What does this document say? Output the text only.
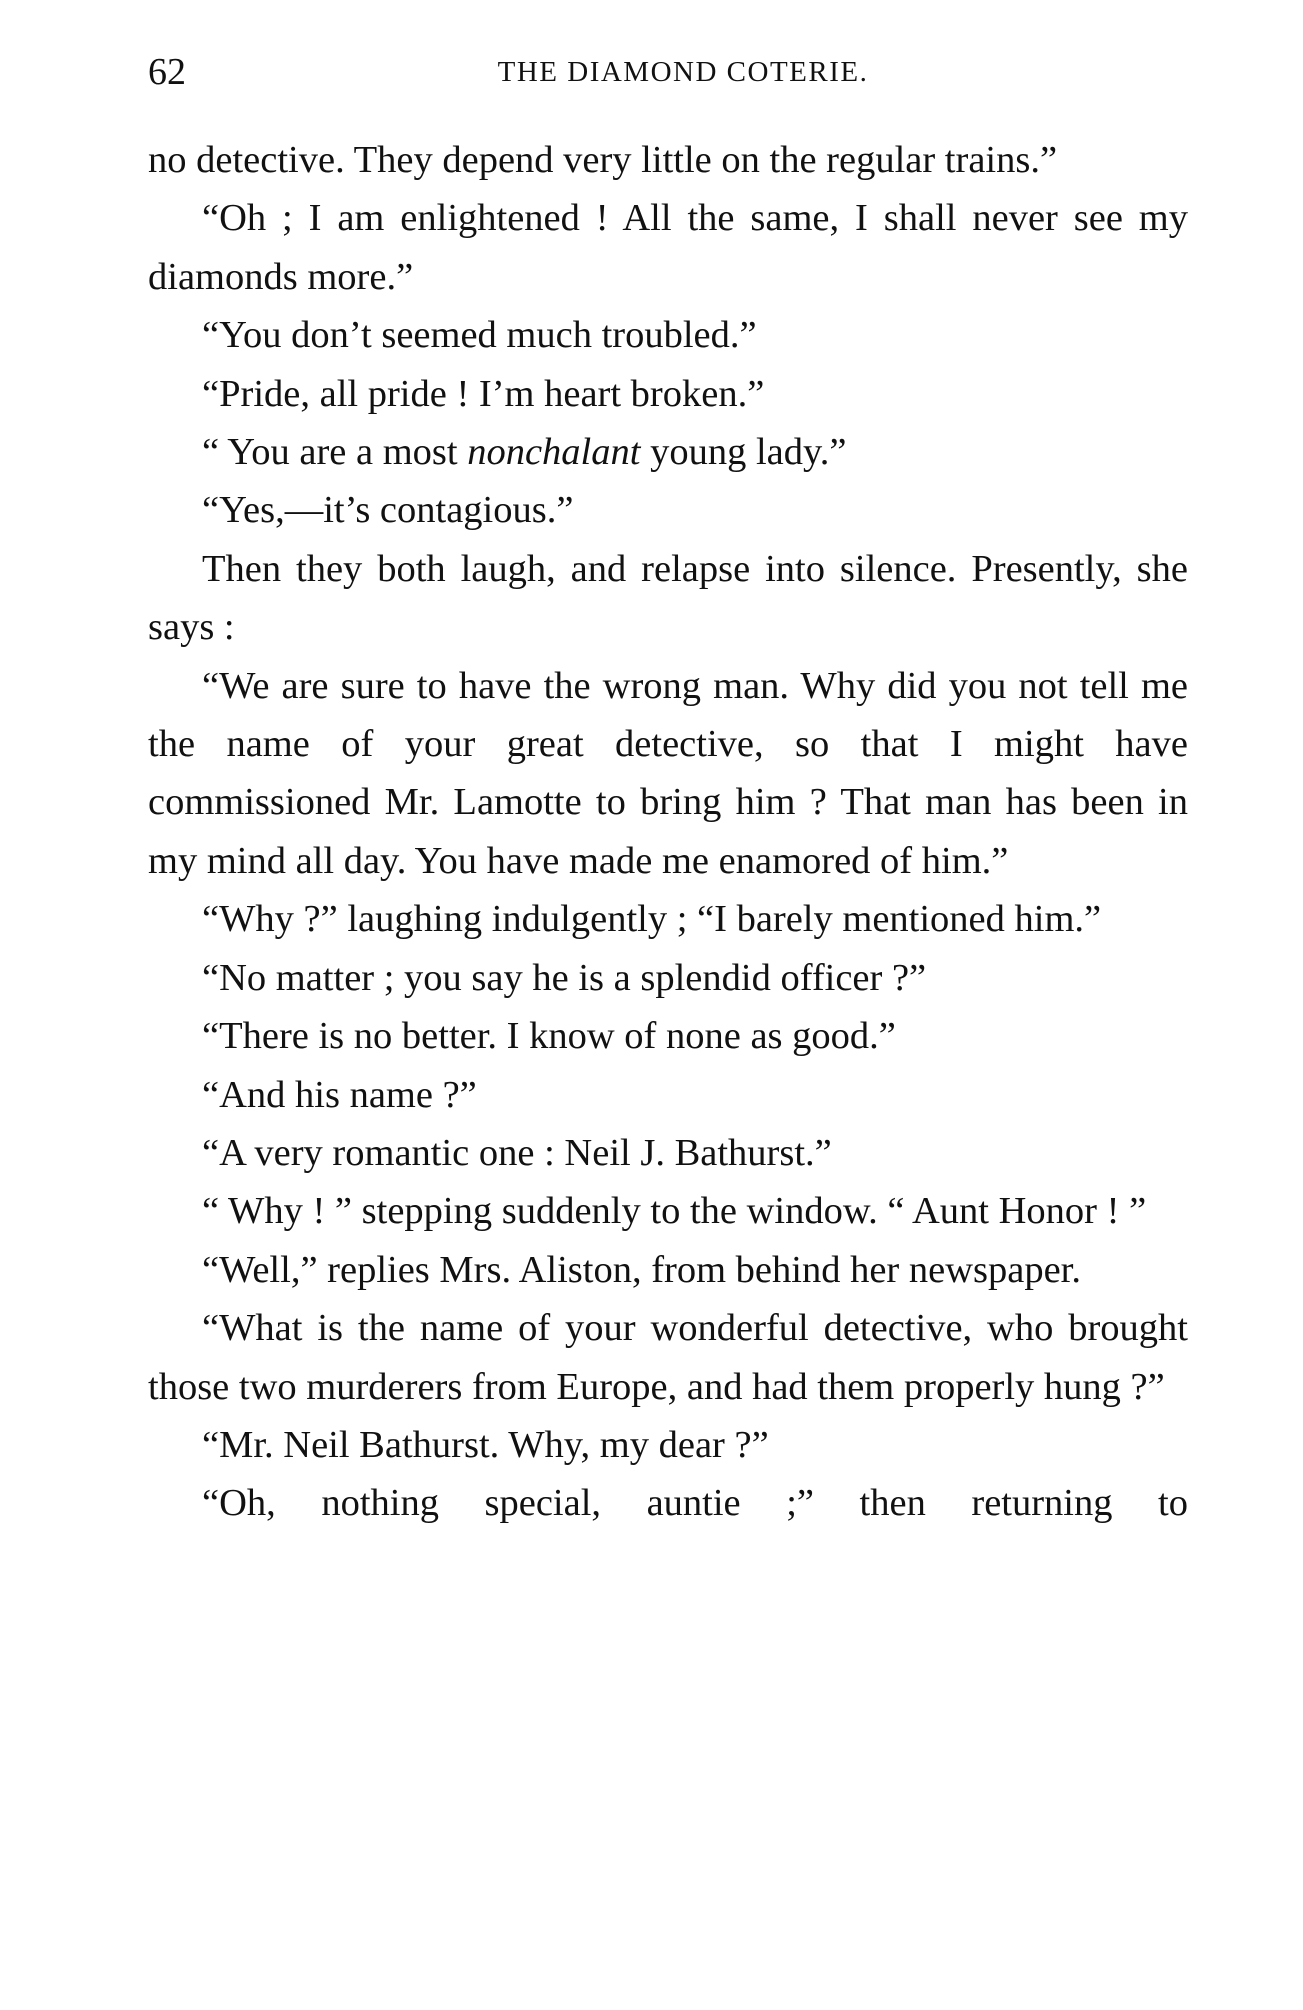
62	THE DIAMOND COTERIE.

no detective. They depend very little on the regular trains.”

“Oh ; I am enlightened ! All the same, I shall never see my diamonds more.”

“You don’t seemed much troubled.”

“Pride, all pride ! I’m heart broken.”

“ You are a most nonchalant young lady.”

“Yes,—it’s contagious.”

Then they both laugh, and relapse into silence. Presently, she says :

“We are sure to have the wrong man. Why did you not tell me the name of your great detective, so that I might have commissioned Mr. Lamotte to bring him ? That man has been in my mind all day. You have made me enamored of him.”

“Why ?” laughing indulgently ; “I barely mentioned him.”

“No matter ; you say he is a splendid officer ?”

“There is no better. I know of none as good.”

“And his name ?”

“A very romantic one : Neil J. Bathurst.”

“ Why ! ” stepping suddenly to the window. “ Aunt Honor ! ”

“Well,” replies Mrs. Aliston, from behind her newspaper.

“What is the name of your wonderful detective, who brought those two murderers from Europe, and had them properly hung ?”

“Mr. Neil Bathurst. Why, my dear ?”

“Oh, nothing special, auntie ;” then returning to
